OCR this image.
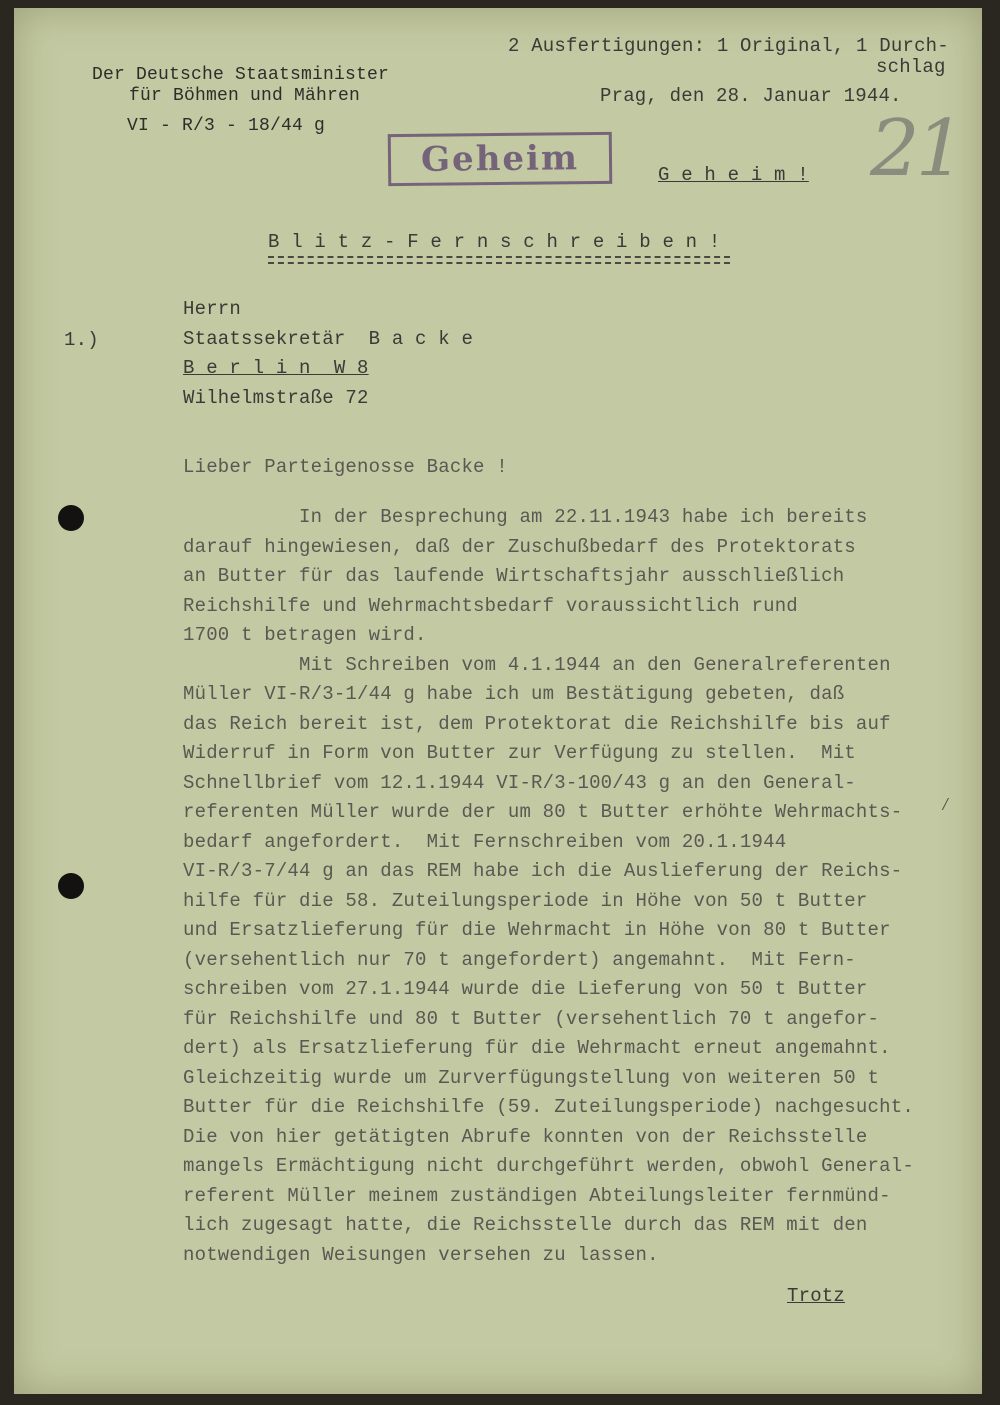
2 Ausfertigungen: 1 Original, 1 Durch-
schlag
Prag, den 28. Januar 1944.
Der Deutsche Staatsminister
für Böhmen und Mähren
VI - R/3 - 18/44 g
Geheim	G e h e i m ! 21
B l i t z - F e r n s c h r e i b e n !
1.)
Herrn
Staatssekretär  B a c k e
B e r l i n  W 8
Wilhelmstraße 72
Lieber Parteigenosse Backe !
In der Besprechung am 22.11.1943 habe ich bereits
darauf hingewiesen, daß der Zuschußbedarf des Protektorats
an Butter für das laufende Wirtschaftsjahr ausschließlich
Reichshilfe und Wehrmachtsbedarf voraussichtlich rund
1700 t betragen wird.
Mit Schreiben vom 4.1.1944 an den Generalreferenten
Müller VI-R/3-1/44 g habe ich um Bestätigung gebeten, daß
das Reich bereit ist, dem Protektorat die Reichshilfe bis auf
Widerruf in Form von Butter zur Verfügung zu stellen.  Mit
Schnellbrief vom 12.1.1944 VI-R/3-100/43 g an den General-
referenten Müller wurde der um 80 t Butter erhöhte Wehrmachts-
bedarf angefordert.  Mit Fernschreiben vom 20.1.1944
VI-R/3-7/44 g an das REM habe ich die Auslieferung der Reichs-
hilfe für die 58. Zuteilungsperiode in Höhe von 50 t Butter
und Ersatzlieferung für die Wehrmacht in Höhe von 80 t Butter
(versehentlich nur 70 t angefordert) angemahnt.  Mit Fern-
schreiben vom 27.1.1944 wurde die Lieferung von 50 t Butter
für Reichshilfe und 80 t Butter (versehentlich 70 t angefor-
dert) als Ersatzlieferung für die Wehrmacht erneut angemahnt.
Gleichzeitig wurde um Zurverfügungstellung von weiteren 50 t
Butter für die Reichshilfe (59. Zuteilungsperiode) nachgesucht.
Die von hier getätigten Abrufe konnten von der Reichsstelle
mangels Ermächtigung nicht durchgeführt werden, obwohl General-
referent Müller meinem zuständigen Abteilungsleiter fernmünd-
lich zugesagt hatte, die Reichsstelle durch das REM mit den
notwendigen Weisungen versehen zu lassen.
Trotz
⁄
